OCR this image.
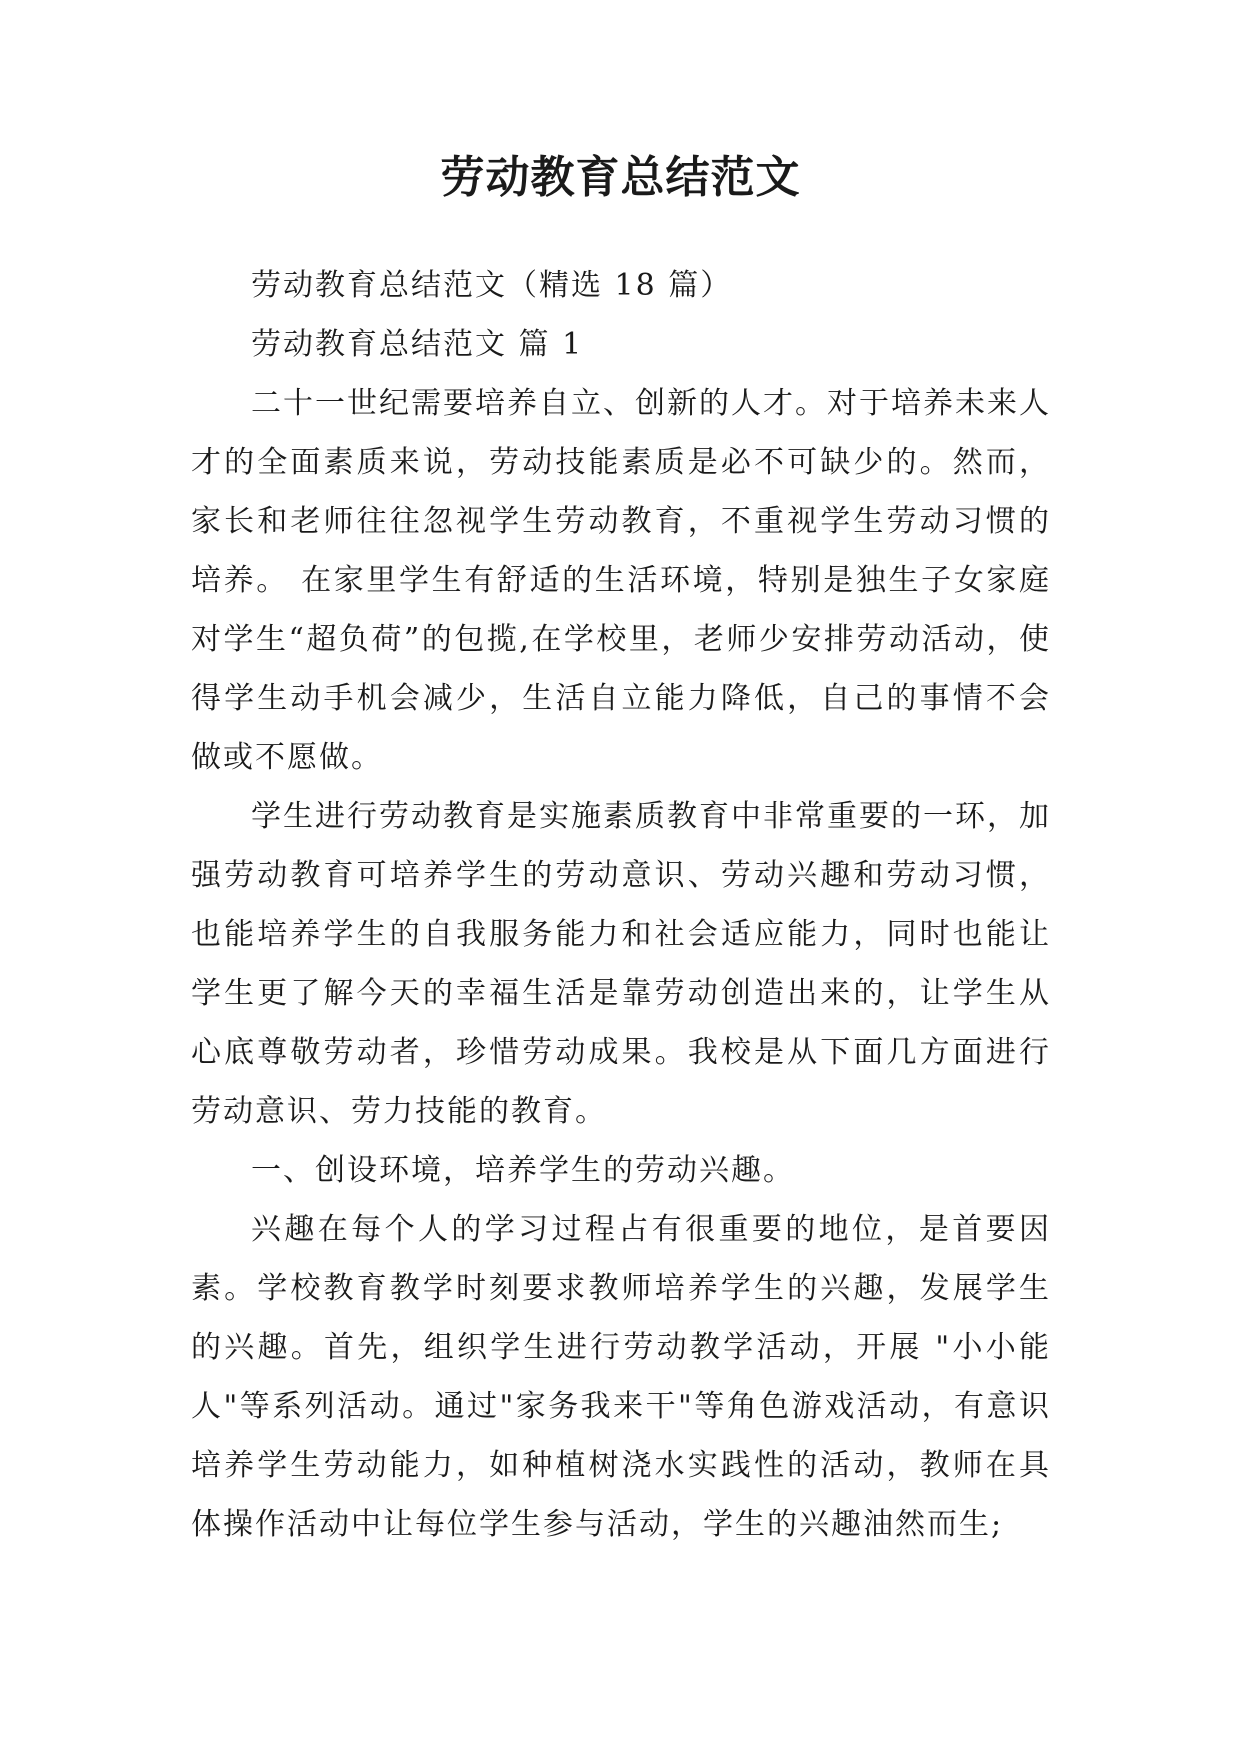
劳动教育总结范文

劳动教育总结范文（精选 18 篇）

劳动教育总结范文 篇 1

二十一世纪需要培养自立、创新的人才。对于培养未来人才的全面素质来说，劳动技能素质是必不可缺少的。然而，家长和老师往往忽视学生劳动教育，不重视学生劳动习惯的培养。 在家里学生有舒适的生活环境，特别是独生子女家庭对学生“超负荷”的包揽,在学校里，老师少安排劳动活动，使得学生动手机会减少，生活自立能力降低，自己的事情不会做或不愿做。

学生进行劳动教育是实施素质教育中非常重要的一环，加强劳动教育可培养学生的劳动意识、劳动兴趣和劳动习惯，也能培养学生的自我服务能力和社会适应能力，同时也能让学生更了解今天的幸福生活是靠劳动创造出来的，让学生从心底尊敬劳动者，珍惜劳动成果。我校是从下面几方面进行劳动意识、劳力技能的教育。

一、创设环境，培养学生的劳动兴趣。

兴趣在每个人的学习过程占有很重要的地位，是首要因素。学校教育教学时刻要求教师培养学生的兴趣，发展学生的兴趣。首先，组织学生进行劳动教学活动，开展 "小小能人"等系列活动。通过"家务我来干"等角色游戏活动，有意识培养学生劳动能力，如种植树浇水实践性的活动，教师在具体操作活动中让每位学生参与活动，学生的兴趣油然而生;
